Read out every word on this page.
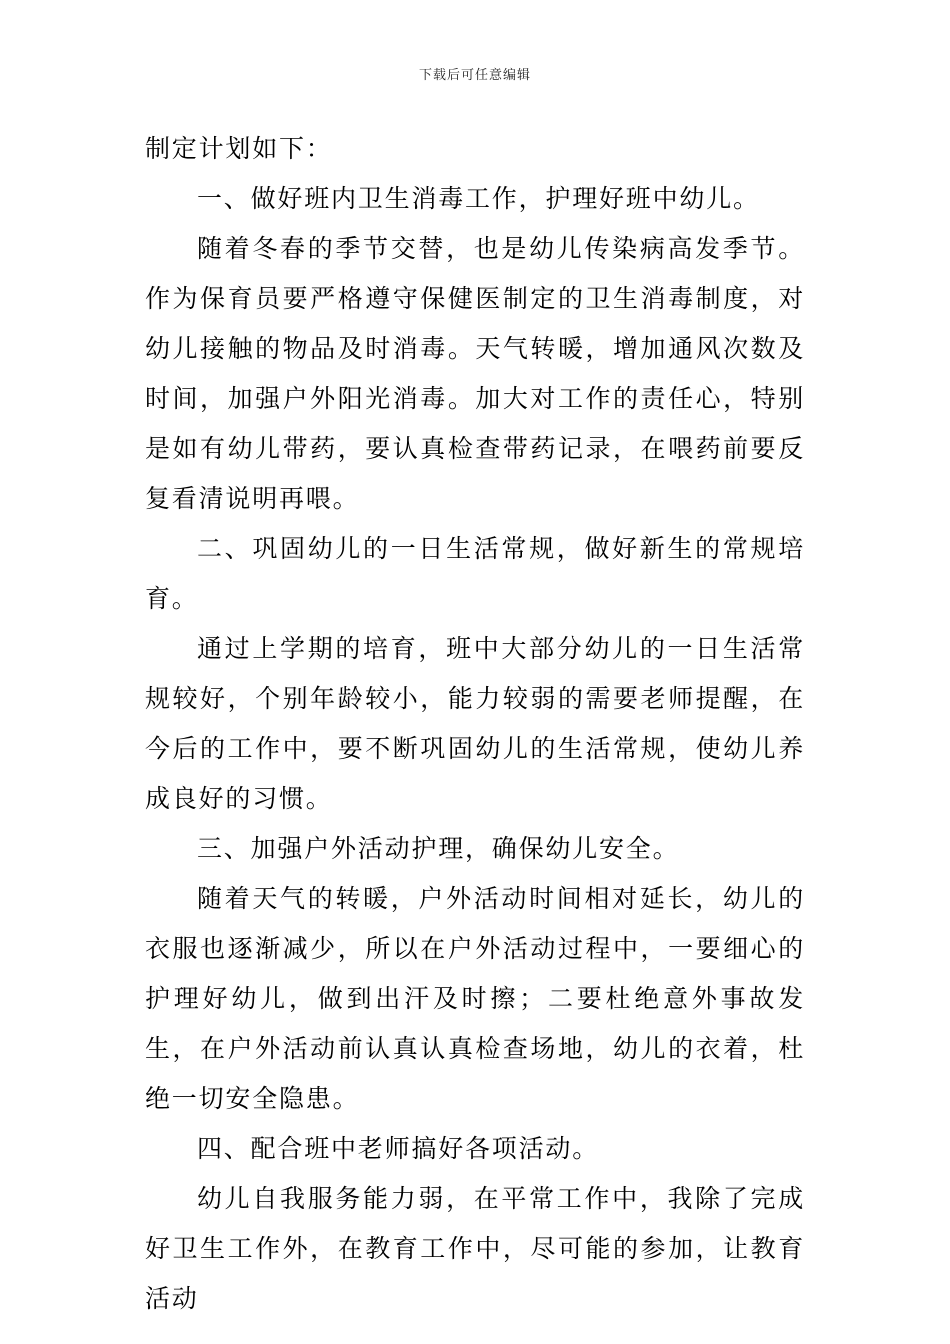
下载后可任意编辑

制定计划如下：

一、做好班内卫生消毒工作，护理好班中幼儿。

随着冬春的季节交替，也是幼儿传染病高发季节。作为保育员要严格遵守保健医制定的卫生消毒制度，对幼儿接触的物品及时消毒。天气转暖，增加通风次数及时间，加强户外阳光消毒。加大对工作的责任心，特别是如有幼儿带药，要认真检查带药记录，在喂药前要反复看清说明再喂。

二、巩固幼儿的一日生活常规，做好新生的常规培育。

通过上学期的培育，班中大部分幼儿的一日生活常规较好，个别年龄较小，能力较弱的需要老师提醒，在今后的工作中，要不断巩固幼儿的生活常规，使幼儿养成良好的习惯。

三、加强户外活动护理，确保幼儿安全。

随着天气的转暖，户外活动时间相对延长，幼儿的衣服也逐渐减少，所以在户外活动过程中，一要细心的护理好幼儿，做到出汗及时擦；二要杜绝意外事故发生，在户外活动前认真认真检查场地，幼儿的衣着，杜绝一切安全隐患。

四、配合班中老师搞好各项活动。

幼儿自我服务能力弱，在平常工作中，我除了完成好卫生工作外，在教育工作中，尽可能的参加，让教育活动
